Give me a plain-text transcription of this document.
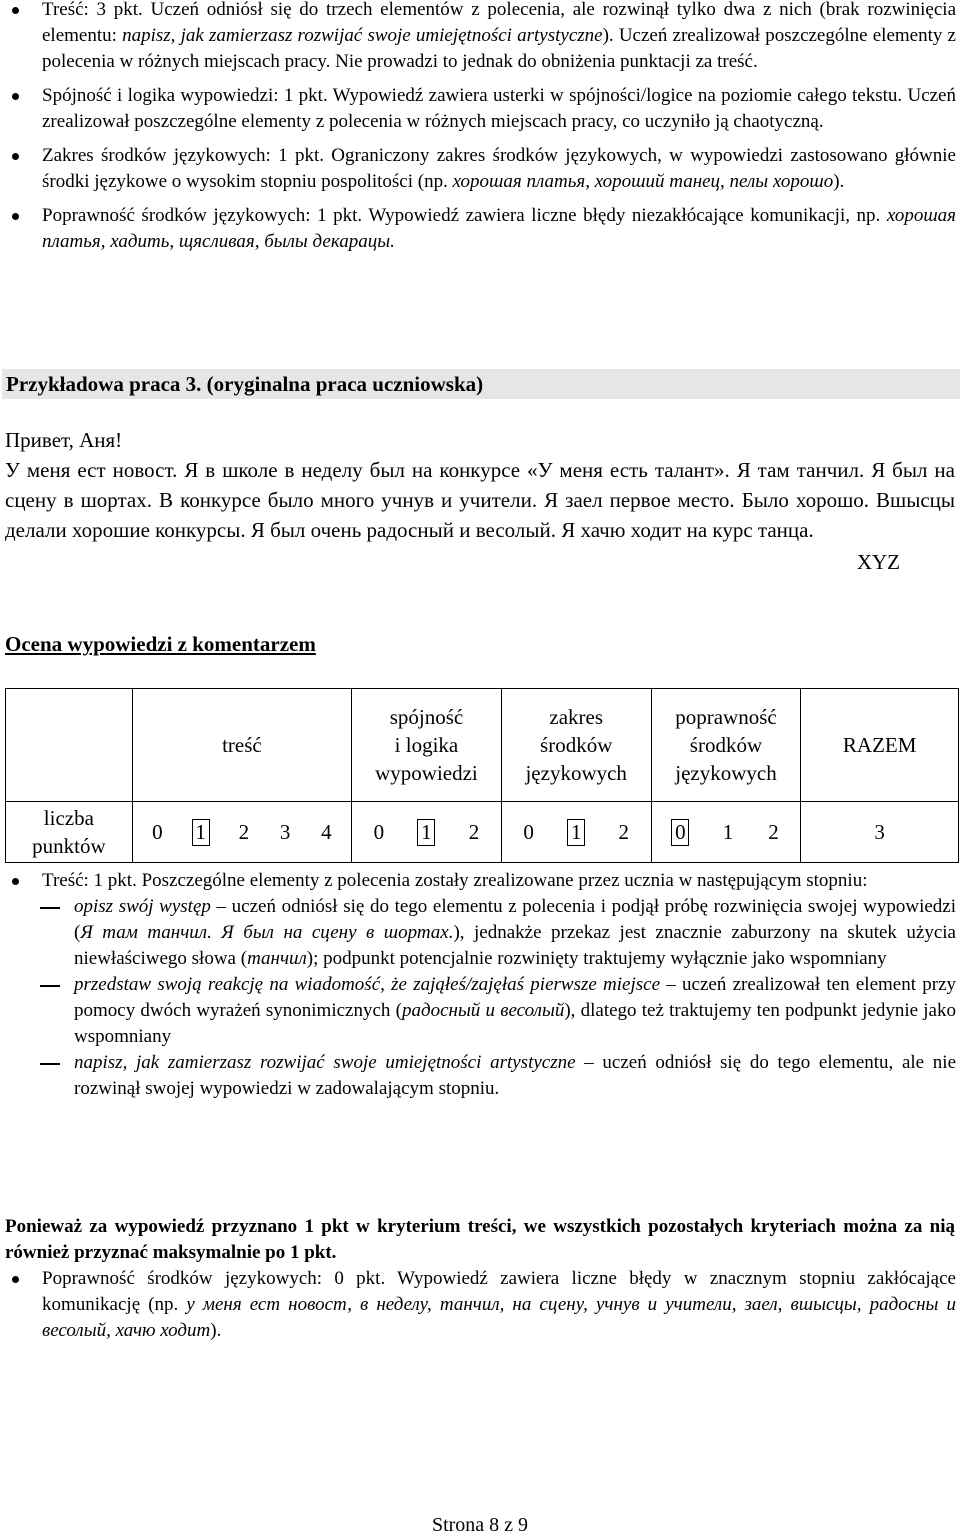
Treść: 3 pkt. Uczeń odniósł się do trzech elementów z polecenia, ale rozwinął tylko dwa z nich (brak rozwinięcia elementu: napisz, jak zamierzasz rozwijać swoje umiejętności artystyczne). Uczeń zrealizował poszczególne elementy z polecenia w różnych miejscach pracy. Nie prowadzi to jednak do obniżenia punktacji za treść.
Spójność i logika wypowiedzi: 1 pkt. Wypowiedź zawiera usterki w spójności/logice na poziomie całego tekstu. Uczeń zrealizował poszczególne elementy z polecenia w różnych miejscach pracy, co uczyniło ją chaotyczną.
Zakres środków językowych: 1 pkt. Ograniczony zakres środków językowych, w wypowiedzi zastosowano głównie środki językowe o wysokim stopniu pospolitości (np. хорошая платья, хороший танец, пелы хорошо).
Poprawność środków językowych: 1 pkt. Wypowiedź zawiera liczne błędy niezakłócające komunikacji, np. хорошая платья, хадить, щясливая, былы декарацы.
Przykładowa praca 3. (oryginalna praca uczniowska)
Привет, Аня!
У меня ест новост. Я в школе в неделу был на конкурсе «У меня есть талант». Я там танчил. Я был на сцену в шортах. В конкурсе было много учнув и учители. Я заел первое место. Было хорошо. Вшысцы делали хорошие конкурсы. Я был очень радосный и весолый. Я хачю ходит на курс танца.
XYZ
Ocena wypowiedzi z komentarzem
	treść	spójność
i logika
wypowiedzi	zakres
środków
językowych	poprawność
środków
językowych	RAZEM
liczba
punktów	0 1 2 3 4	0 1 2	0 1 2	0 1 2	3
Treść: 1 pkt. Poszczególne elementy z polecenia zostały zrealizowane przez ucznia w następującym stopniu:
opisz swój występ – uczeń odniósł się do tego elementu z polecenia i podjął próbę rozwinięcia swojej wypowiedzi (Я там танчил. Я был на сцену в шортах.), jednakże przekaz jest znacznie zaburzony na skutek użycia niewłaściwego słowa (танчил); podpunkt potencjalnie rozwinięty traktujemy wyłącznie jako wspomniany
przedstaw swoją reakcję na wiadomość, że zająłeś/zajęłaś pierwsze miejsce – uczeń zrealizował ten element przy pomocy dwóch wyrażeń synonimicznych (радосный и весолый), dlatego też traktujemy ten podpunkt jedynie jako wspomniany
napisz, jak zamierzasz rozwijać swoje umiejętności artystyczne – uczeń odniósł się do tego elementu, ale nie rozwinął swojej wypowiedzi w zadowalającym stopniu.
Ponieważ za wypowiedź przyznano 1 pkt w kryterium treści, we wszystkich pozostałych kryteriach można za nią również przyznać maksymalnie po 1 pkt.
Poprawność środków językowych: 0 pkt. Wypowiedź zawiera liczne błędy w znacznym stopniu zakłócające komunikację (np. у меня ест новост, в неделу, танчил, на сцену, учнув и учители, заел, вшысцы, радосны и весолый, хачю ходит).
Strona 8 z 9
